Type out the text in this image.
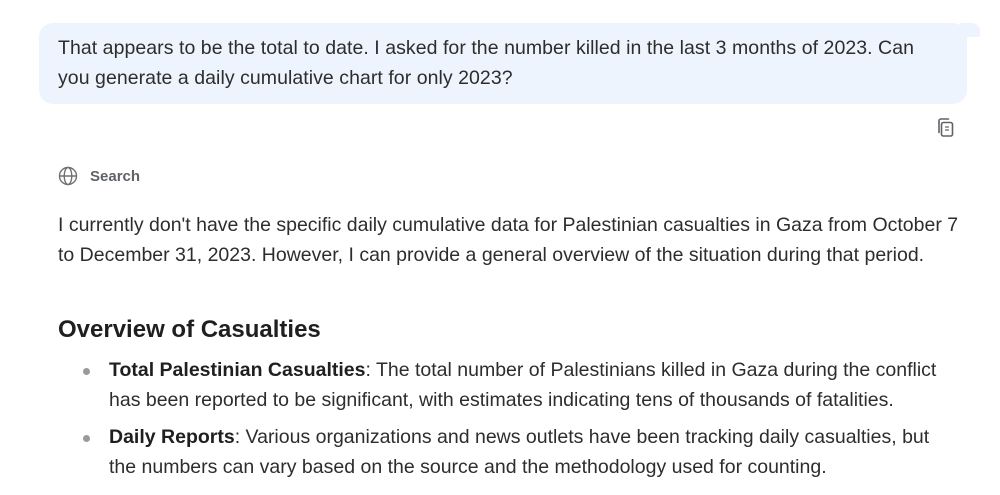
That appears to be the total to date. I asked for the number killed in the last 3 months of 2023. Can you generate a daily cumulative chart for only 2023?
Search

I currently don't have the specific daily cumulative data for Palestinian casualties in Gaza from October 7 to December 31, 2023. However, I can provide a general overview of the situation during that period.

Overview of Casualties
Total Palestinian Casualties: The total number of Palestinians killed in Gaza during the conflict has been reported to be significant, with estimates indicating tens of thousands of fatalities.
Daily Reports: Various organizations and news outlets have been tracking daily casualties, but the numbers can vary based on the source and the methodology used for counting.
